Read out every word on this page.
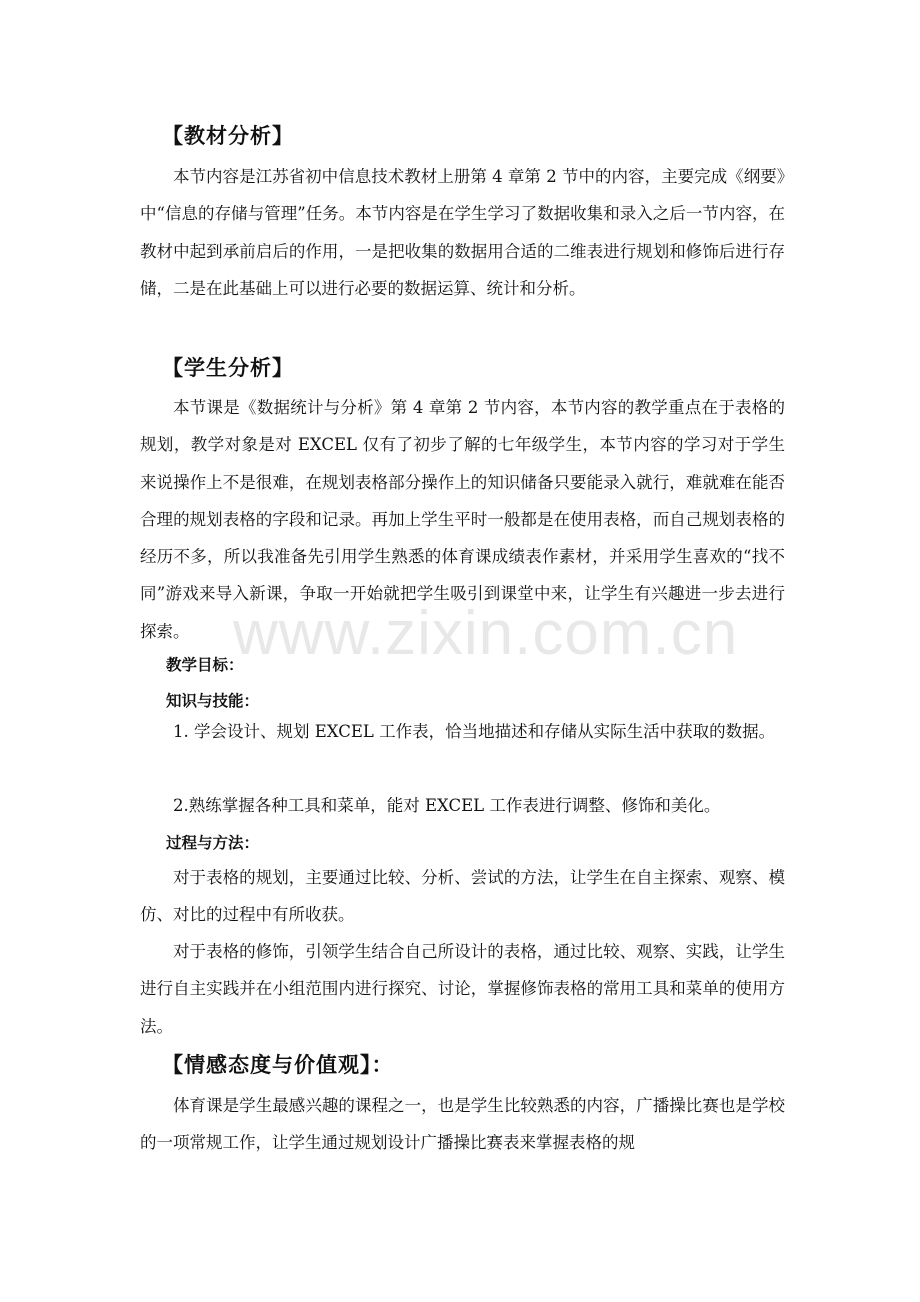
【教材分析】

本节内容是江苏省初中信息技术教材上册第 4 章第 2 节中的内容，主要完成《纲要》中“信息的存储与管理”任务。本节内容是在学生学习了数据收集和录入之后一节内容，在教材中起到承前启后的作用，一是把收集的数据用合适的二维表进行规划和修饰后进行存储，二是在此基础上可以进行必要的数据运算、统计和分析。

【学生分析】

本节课是《数据统计与分析》第 4 章第 2 节内容，本节内容的教学重点在于表格的规划，教学对象是对 EXCEL 仅有了初步了解的七年级学生，本节内容的学习对于学生来说操作上不是很难，在规划表格部分操作上的知识储备只要能录入就行，难就难在能否合理的规划表格的字段和记录。再加上学生平时一般都是在使用表格，而自己规划表格的经历不多，所以我准备先引用学生熟悉的体育课成绩表作素材，并采用学生喜欢的“找不同”游戏来导入新课，争取一开始就把学生吸引到课堂中来，让学生有兴趣进一步去进行探索。

教学目标：
知识与技能：

1. 学会设计、规划 EXCEL 工作表，恰当地描述和存储从实际生活中获取的数据。

2.熟练掌握各种工具和菜单，能对 EXCEL 工作表进行调整、修饰和美化。

过程与方法：

对于表格的规划，主要通过比较、分析、尝试的方法，让学生在自主探索、观察、模仿、对比的过程中有所收获。

对于表格的修饰，引领学生结合自己所设计的表格，通过比较、观察、实践，让学生进行自主实践并在小组范围内进行探究、讨论，掌握修饰表格的常用工具和菜单的使用方法。

【情感态度与价值观】：

体育课是学生最感兴趣的课程之一，也是学生比较熟悉的内容，广播操比赛也是学校的一项常规工作，让学生通过规划设计广播操比赛表来掌握表格的规

www.zixin.com.cn
